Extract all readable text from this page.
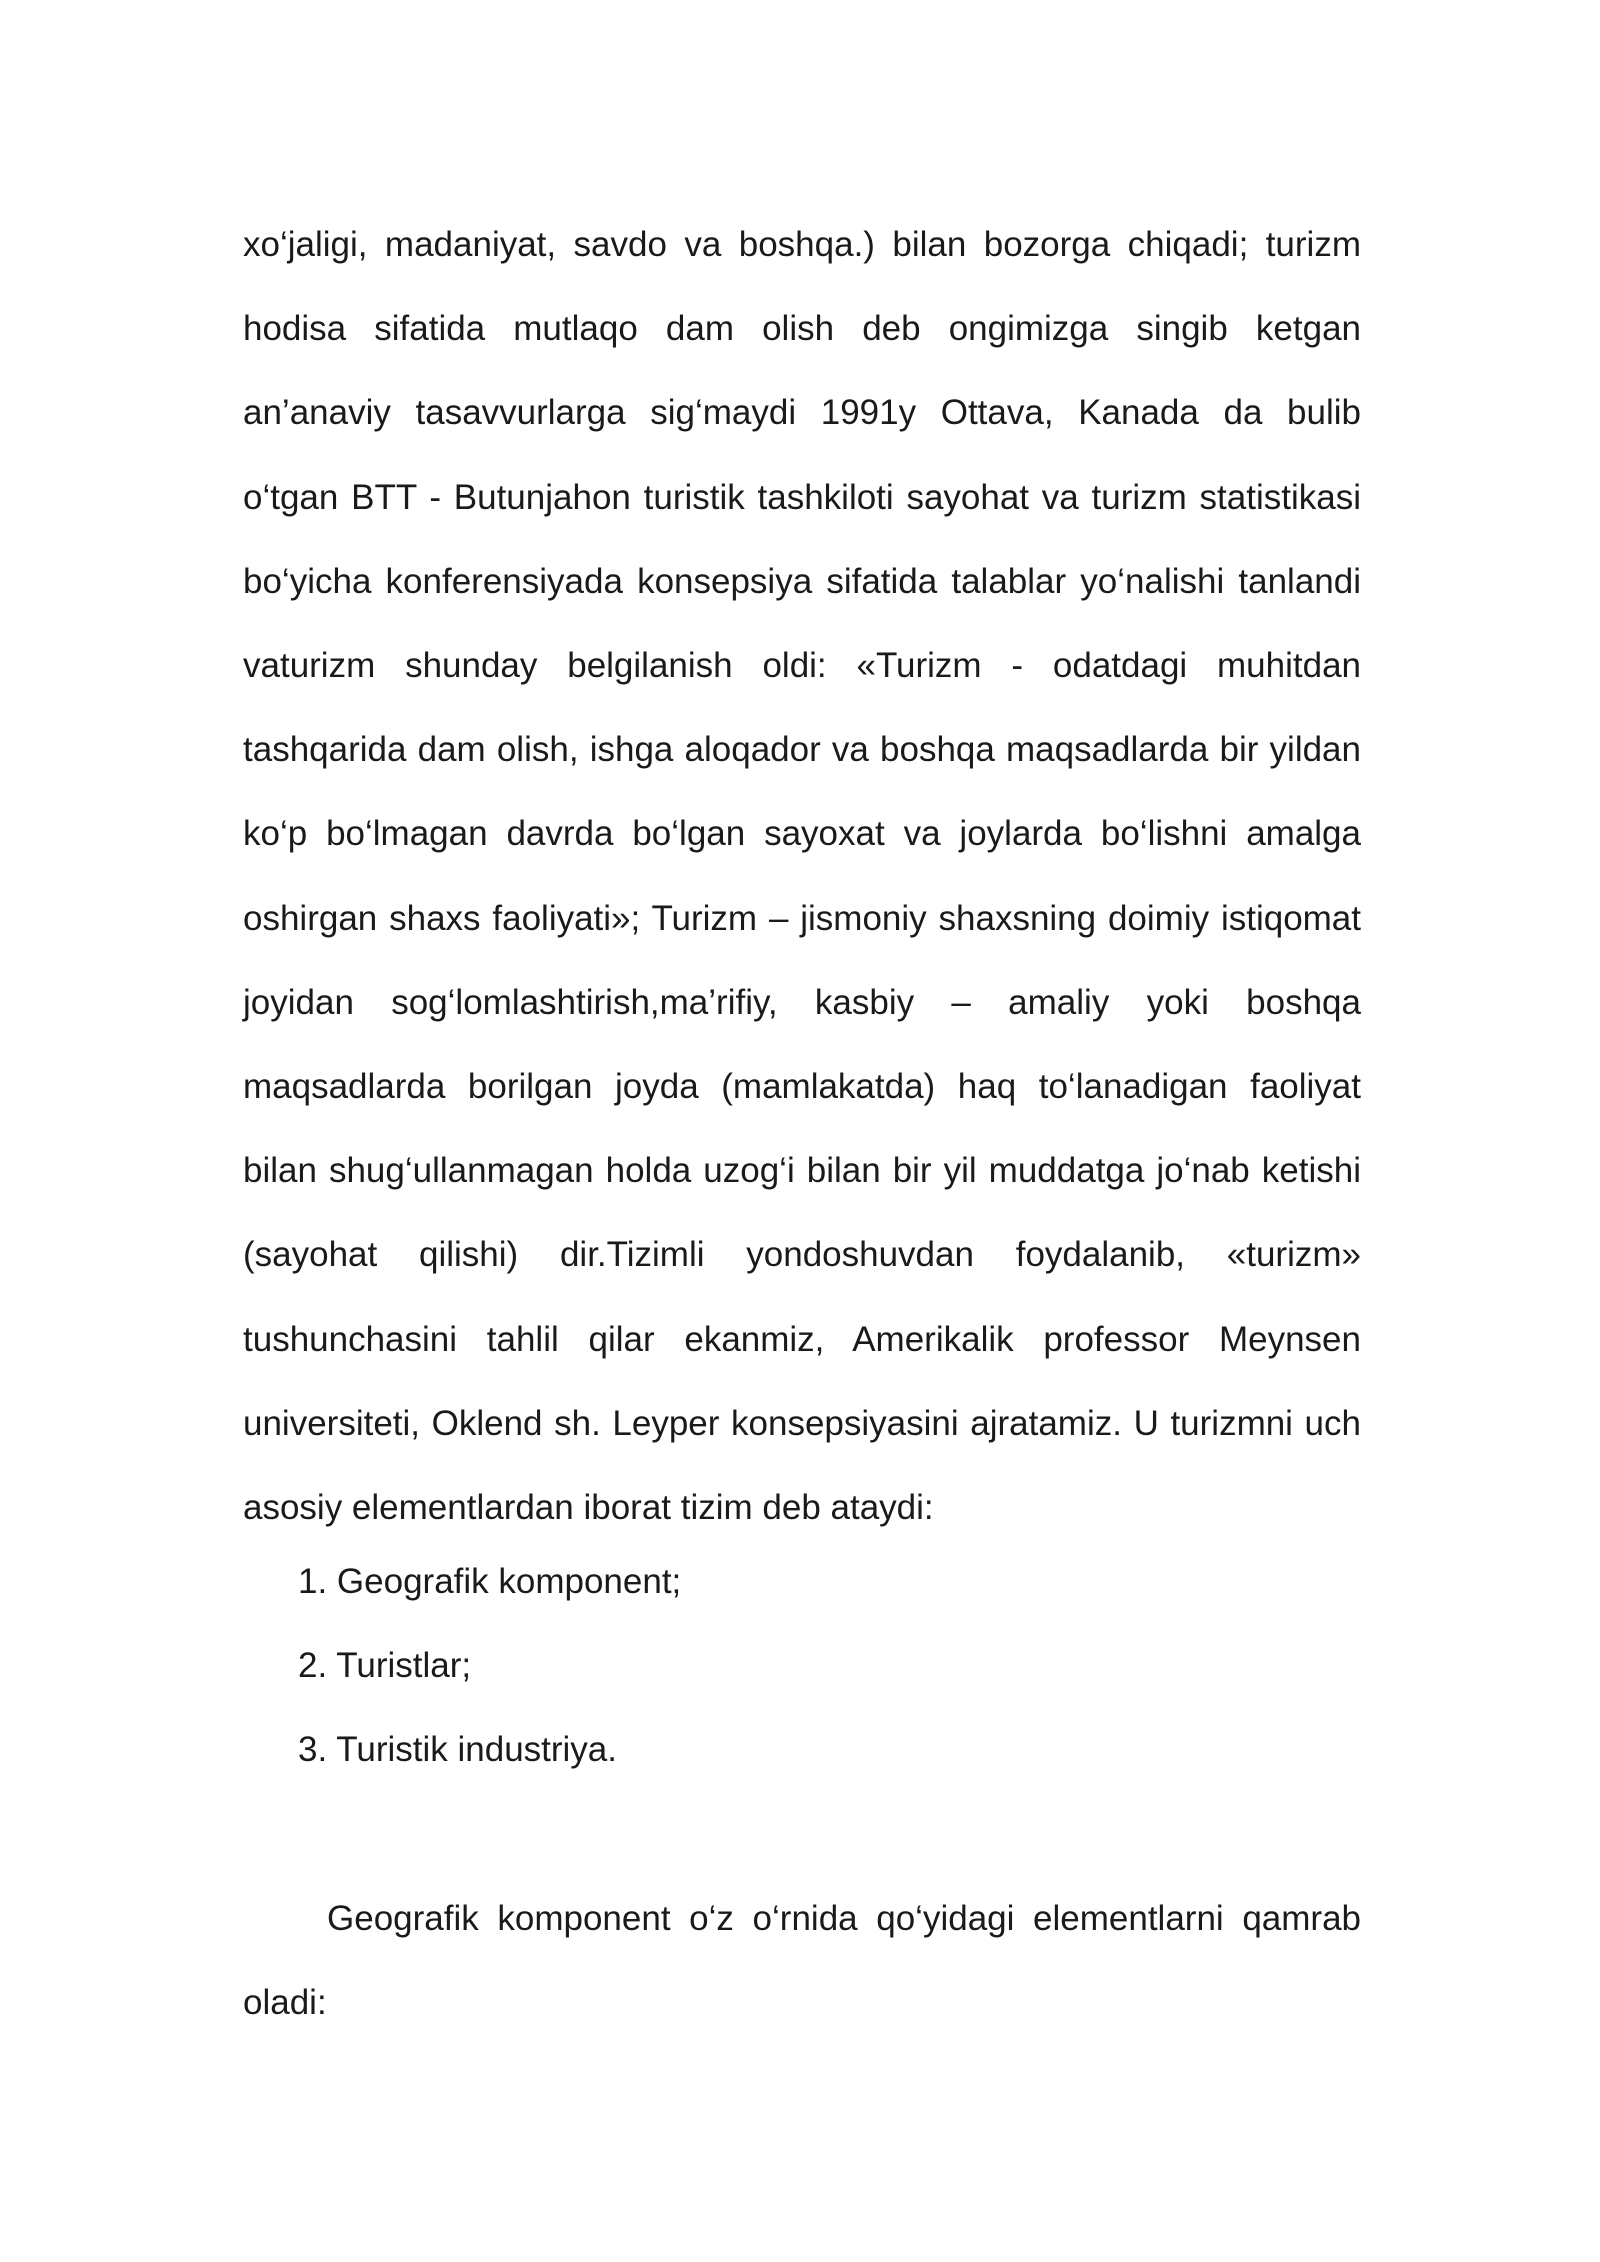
xo‘jaligi, madaniyat, savdo va boshqa.) bilan bozorga chiqadi; turizm hodisa sifatida mutlaqo dam olish deb ongimizga singib ketgan an’anaviy tasavvurlarga sig‘maydi 1991y Ottava, Kanada da bulib o‘tgan BTT - Butunjahon turistik tashkiloti sayohat va turizm statistikasi bo‘yicha konferensiyada konsepsiya sifatida talablar yo‘nalishi tanlandi vaturizm shunday belgilanish oldi: «Turizm - odatdagi muhitdan tashqarida dam olish, ishga aloqador va boshqa maqsadlarda bir yildan ko‘p bo‘lmagan davrda bo‘lgan sayoxat va joylarda bo‘lishni amalga oshirgan shaxs faoliyati»; Turizm – jismoniy shaxsning doimiy istiqomat joyidan sog‘lomlashtirish,ma’rifiy, kasbiy – amaliy yoki boshqa maqsadlarda borilgan joyda (mamlakatda) haq to‘lanadigan faoliyat bilan shug‘ullanmagan holda uzog‘i bilan bir yil muddatga jo‘nab ketishi (sayohat qilishi) dir.Tizimli yondoshuvdan foydalanib, «turizm» tushunchasini tahlil qilar ekanmiz, Amerikalik professor Meynsen universiteti, Oklend sh. Leyper konsepsiyasini ajratamiz. U turizmni uch asosiy elementlardan iborat tizim deb ataydi:

1. Geografik komponent;
2. Turistlar;
3. Turistik industriya.

Geografik komponent o‘z o‘rnida qo‘yidagi elementlarni qamrab oladi:
